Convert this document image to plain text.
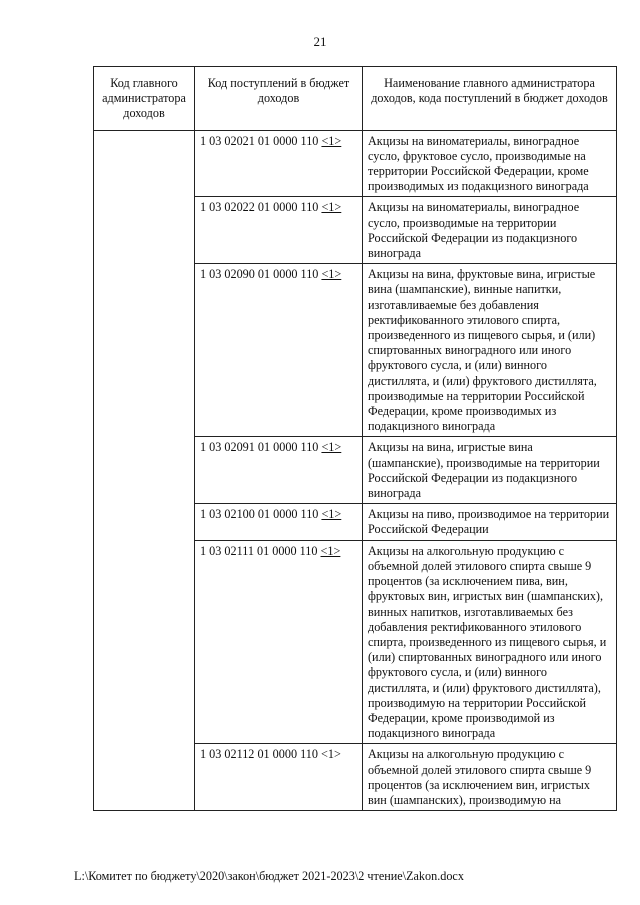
21
Код главного администратора доходов	Код поступлений в бюджет доходов	Наименование главного администратора доходов, кода поступлений в бюджет доходов
	1 03 02021 01 0000 110 <1>	Акцизы на виноматериалы, виноградное сусло, фруктовое сусло, производимые на территории Российской Федерации, кроме производимых из подакцизного винограда
	1 03 02022 01 0000 110 <1>	Акцизы на виноматериалы, виноградное сусло, производимые на территории Российской Федерации из подакцизного винограда
	1 03 02090 01 0000 110 <1>	Акцизы на вина, фруктовые вина, игристые вина (шампанские), винные напитки, изготавливаемые без добавления ректификованного этилового спирта, произведенного из пищевого сырья, и (или) спиртованных виноградного или иного фруктового сусла, и (или) винного дистиллята, и (или) фруктового дистиллята, производимые на территории Российской Федерации, кроме производимых из подакцизного винограда
	1 03 02091 01 0000 110 <1>	Акцизы на вина, игристые вина (шампанские), производимые на территории Российской Федерации из подакцизного винограда
	1 03 02100 01 0000 110 <1>	Акцизы на пиво, производимое на территории Российской Федерации
	1 03 02111 01 0000 110 <1>	Акцизы на алкогольную продукцию с объемной долей этилового спирта свыше 9 процентов (за исключением пива, вин, фруктовых вин, игристых вин (шампанских), винных напитков, изготавливаемых без добавления ректификованного этилового спирта, произведенного из пищевого сырья, и (или) спиртованных виноградного или иного фруктового сусла, и (или) винного дистиллята, и (или) фруктового дистиллята), производимую на территории Российской Федерации, кроме производимой из подакцизного винограда
	1 03 02112 01 0000 110 <1>	Акцизы на алкогольную продукцию с объемной долей этилового спирта свыше 9 процентов (за исключением вин, игристых вин (шампанских), производимую на
L:\Комитет по бюджету\2020\закон\бюджет 2021-2023\2 чтение\Zakon.docx
